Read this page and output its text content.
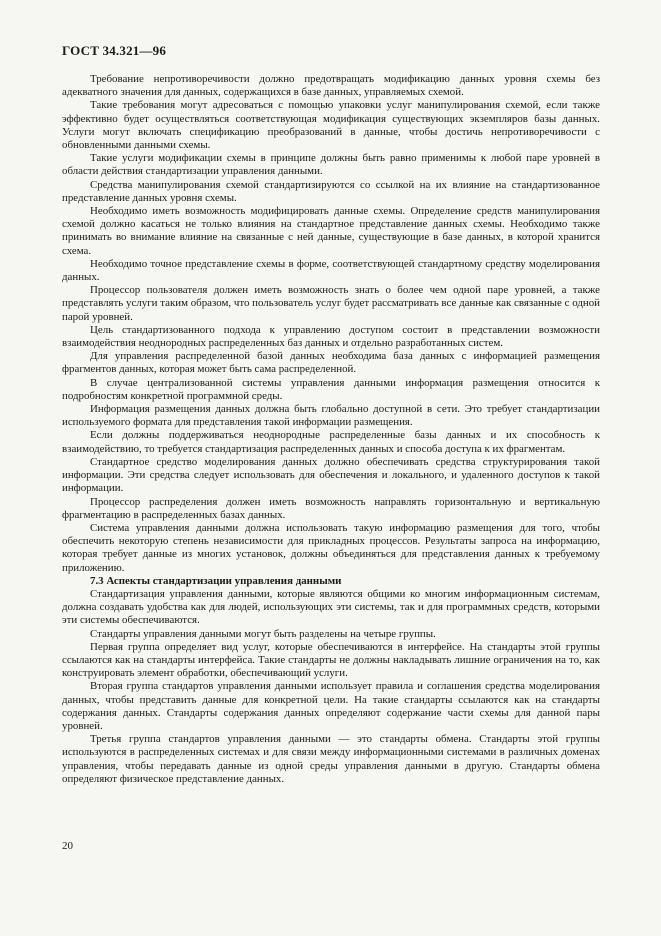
ГОСТ 34.321—96

Требование непротиворечивости должно предотвращать модификацию данных уровня схемы без адекватного значения для данных, содержащихся в базе данных, управляемых схемой.

Такие требования могут адресоваться с помощью упаковки услуг манипулирования схемой, если также эффективно будет осуществляться соответствующая модификация существующих экземпляров базы данных. Услуги могут включать спецификацию преобразований в данные, чтобы достичь непротиворечивости с обновленными данными схемы.

Такие услуги модификации схемы в принципе должны быть равно применимы к любой паре уровней в области действия стандартизации управления данными.

Средства манипулирования схемой стандартизируются со ссылкой на их влияние на стандартизованное представление данных уровня схемы.

Необходимо иметь возможность модифицировать данные схемы. Определение средств манипулирования схемой должно касаться не только влияния на стандартное представление данных схемы. Необходимо также принимать во внимание влияние на связанные с ней данные, существующие в базе данных, в которой хранится схема.

Необходимо точное представление схемы в форме, соответствующей стандартному средству моделирования данных.

Процессор пользователя должен иметь возможность знать о более чем одной паре уровней, а также представлять услуги таким образом, что пользователь услуг будет рассматривать все данные как связанные с одной парой уровней.

Цель стандартизованного подхода к управлению доступом состоит в представлении возможности взаимодействия неоднородных распределенных баз данных и отдельно разработанных систем.

Для управления распределенной базой данных необходима база данных с информацией размещения фрагментов данных, которая может быть сама распределенной.

В случае централизованной системы управления данными информация размещения относится к подробностям конкретной программной среды.

Информация размещения данных должна быть глобально доступной в сети. Это требует стандартизации используемого формата для представления такой информации размещения.

Если должны поддерживаться неоднородные распределенные базы данных и их способность к взаимодействию, то требуется стандартизация распределенных данных и способа доступа к их фрагментам.

Стандартное средство моделирования данных должно обеспечивать средства структурирования такой информации. Эти средства следует использовать для обеспечения и локального, и удаленного доступов к такой информации.

Процессор распределения должен иметь возможность направлять горизонтальную и вертикальную фрагментацию в распределенных базах данных.

Система управления данными должна использовать такую информацию размещения для того, чтобы обеспечить некоторую степень независимости для прикладных процессов. Результаты запроса на информацию, которая требует данные из многих установок, должны объединяться для представления данных к требуемому приложению.

7.3 Аспекты стандартизации управления данными

Стандартизация управления данными, которые являются общими ко многим информационным системам, должна создавать удобства как для людей, использующих эти системы, так и для программных средств, которыми эти системы обеспечиваются.

Стандарты управления данными могут быть разделены на четыре группы.

Первая группа определяет вид услуг, которые обеспечиваются в интерфейсе. На стандарты этой группы ссылаются как на стандарты интерфейса. Такие стандарты не должны накладывать лишние ограничения на то, как конструировать элемент обработки, обеспечивающий услуги.

Вторая группа стандартов управления данными использует правила и соглашения средства моделирования данных, чтобы представить данные для конкретной цели. На такие стандарты ссылаются как на стандарты содержания данных. Стандарты содержания данных определяют содержание части схемы для данной пары уровней.

Третья группа стандартов управления данными — это стандарты обмена. Стандарты этой группы используются в распределенных системах и для связи между информационными системами в различных доменах управления, чтобы передавать данные из одной среды управления данными в другую. Стандарты обмена определяют физическое представление данных.

20
